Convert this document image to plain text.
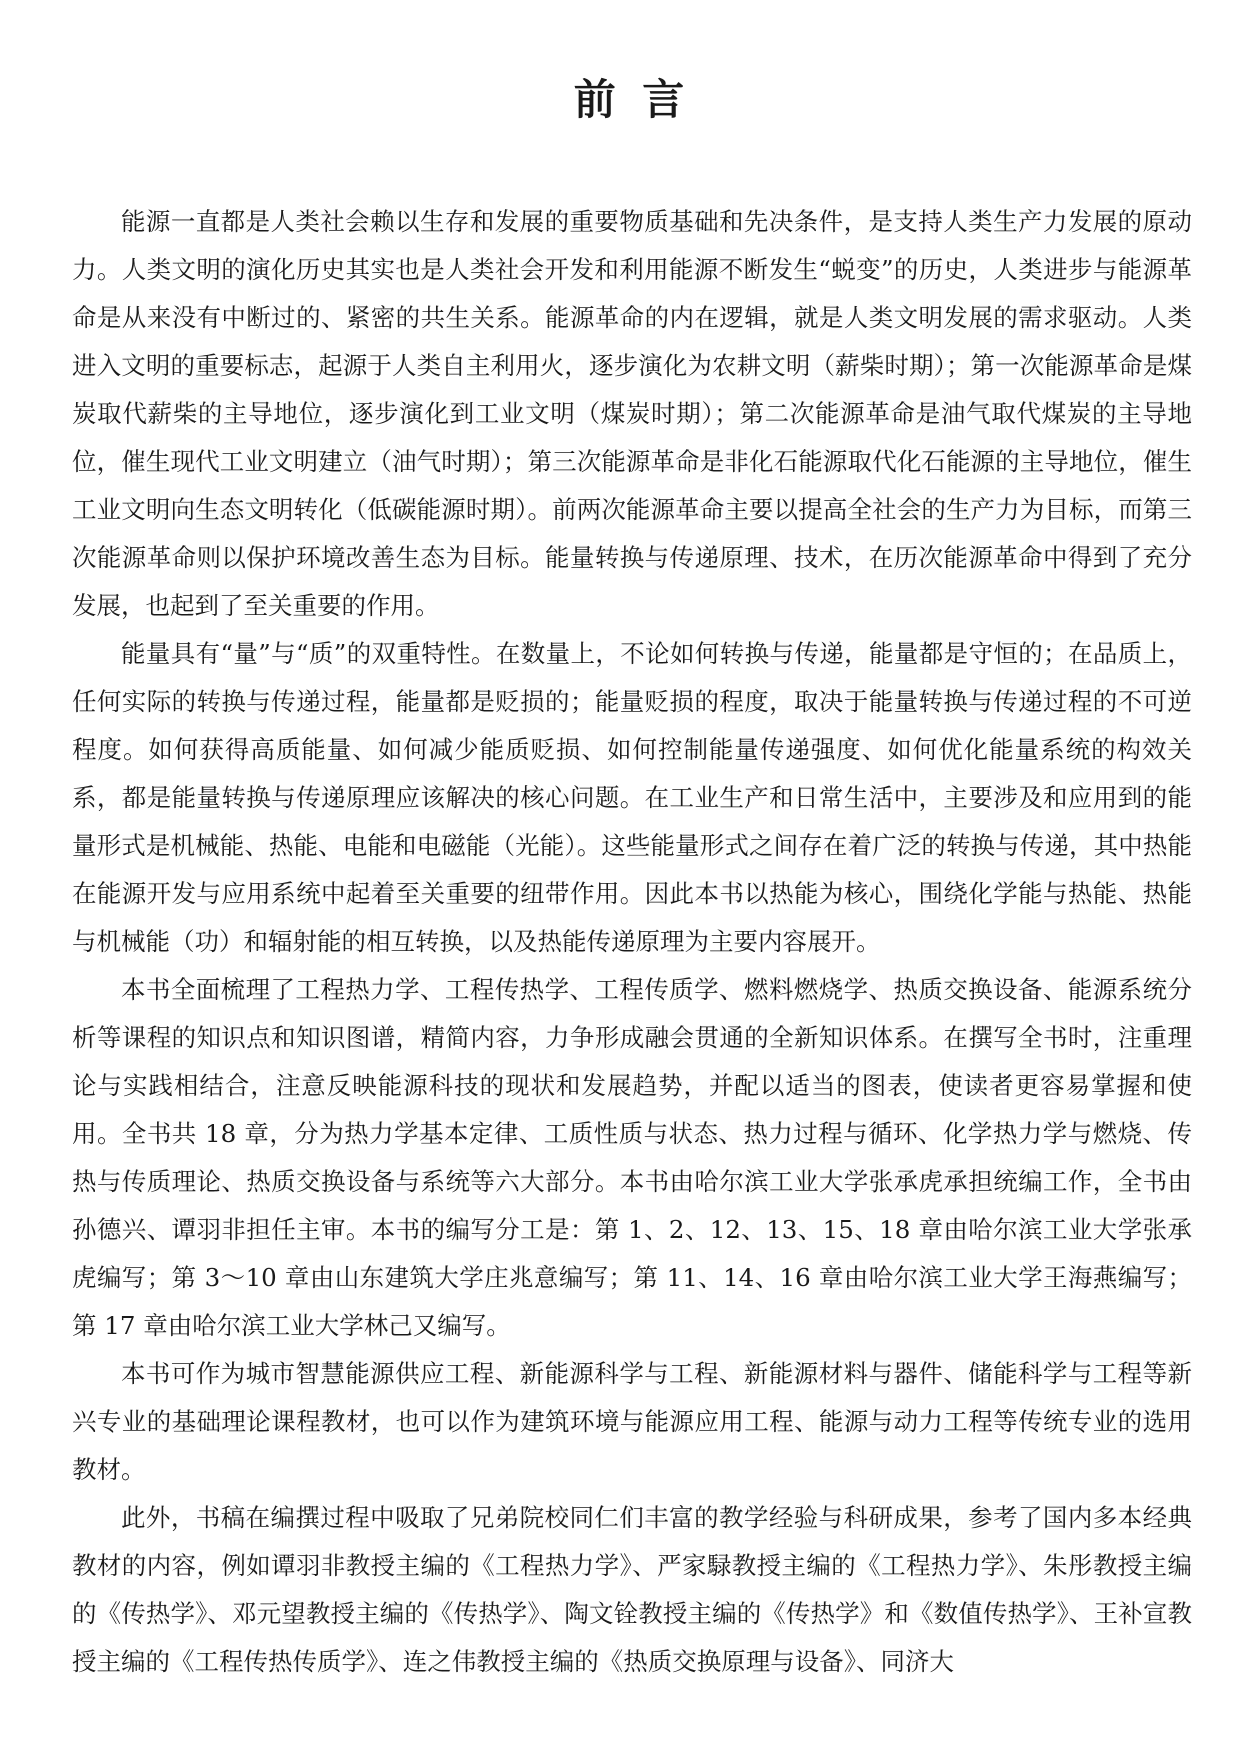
前 言

能源一直都是人类社会赖以生存和发展的重要物质基础和先决条件，是支持人类生产力发展的原动力。人类文明的演化历史其实也是人类社会开发和利用能源不断发生“蜕变”的历史，人类进步与能源革命是从来没有中断过的、紧密的共生关系。能源革命的内在逻辑，就是人类文明发展的需求驱动。人类进入文明的重要标志，起源于人类自主利用火，逐步演化为农耕文明（薪柴时期）；第一次能源革命是煤炭取代薪柴的主导地位，逐步演化到工业文明（煤炭时期）；第二次能源革命是油气取代煤炭的主导地位，催生现代工业文明建立（油气时期）；第三次能源革命是非化石能源取代化石能源的主导地位，催生工业文明向生态文明转化（低碳能源时期）。前两次能源革命主要以提高全社会的生产力为目标，而第三次能源革命则以保护环境改善生态为目标。能量转换与传递原理、技术，在历次能源革命中得到了充分发展，也起到了至关重要的作用。

能量具有“量”与“质”的双重特性。在数量上，不论如何转换与传递，能量都是守恒的；在品质上，任何实际的转换与传递过程，能量都是贬损的；能量贬损的程度，取决于能量转换与传递过程的不可逆程度。如何获得高质能量、如何减少能质贬损、如何控制能量传递强度、如何优化能量系统的构效关系，都是能量转换与传递原理应该解决的核心问题。在工业生产和日常生活中，主要涉及和应用到的能量形式是机械能、热能、电能和电磁能（光能）。这些能量形式之间存在着广泛的转换与传递，其中热能在能源开发与应用系统中起着至关重要的纽带作用。因此本书以热能为核心，围绕化学能与热能、热能与机械能（功）和辐射能的相互转换，以及热能传递原理为主要内容展开。

本书全面梳理了工程热力学、工程传热学、工程传质学、燃料燃烧学、热质交换设备、能源系统分析等课程的知识点和知识图谱，精简内容，力争形成融会贯通的全新知识体系。在撰写全书时，注重理论与实践相结合，注意反映能源科技的现状和发展趋势，并配以适当的图表，使读者更容易掌握和使用。全书共 18 章，分为热力学基本定律、工质性质与状态、热力过程与循环、化学热力学与燃烧、传热与传质理论、热质交换设备与系统等六大部分。本书由哈尔滨工业大学张承虎承担统编工作，全书由孙德兴、谭羽非担任主审。本书的编写分工是：第 1、2、12、13、15、18 章由哈尔滨工业大学张承虎编写；第 3～10 章由山东建筑大学庄兆意编写；第 11、14、16 章由哈尔滨工业大学王海燕编写；第 17 章由哈尔滨工业大学林己又编写。

本书可作为城市智慧能源供应工程、新能源科学与工程、新能源材料与器件、储能科学与工程等新兴专业的基础理论课程教材，也可以作为建筑环境与能源应用工程、能源与动力工程等传统专业的选用教材。

此外，书稿在编撰过程中吸取了兄弟院校同仁们丰富的教学经验与科研成果，参考了国内多本经典教材的内容，例如谭羽非教授主编的《工程热力学》、严家騄教授主编的《工程热力学》、朱彤教授主编的《传热学》、邓元望教授主编的《传热学》、陶文铨教授主编的《传热学》和《数值传热学》、王补宣教授主编的《工程传热传质学》、连之伟教授主编的《热质交换原理与设备》、同济大
